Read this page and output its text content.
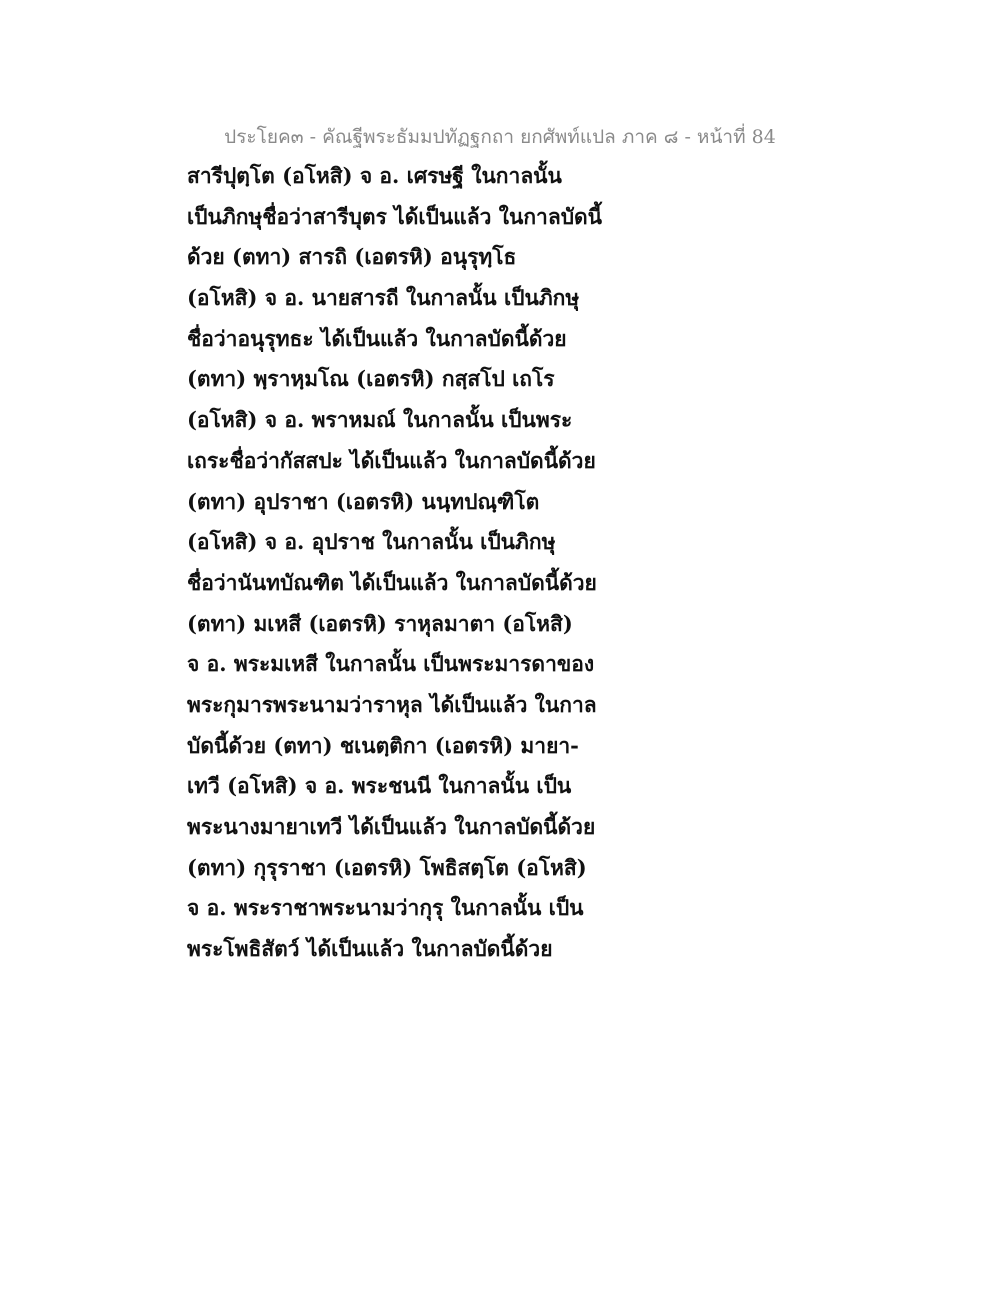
ประโยค๓ - คัณฐีพระธัมมปทัฏฐกถา ยกศัพท์แปล ภาค ๘ - หน้าที่ 84
สารีปุตฺโต (อโหสิ) จ อ. เศรษฐี ในกาลนั้น
เป็นภิกษุชื่อว่าสารีบุตร ได้เป็นแล้ว ในกาลบัดนี้
ด้วย (ตทา) สารถิ (เอตรหิ) อนุรุทฺโธ
(อโหสิ) จ อ. นายสารถี ในกาลนั้น เป็นภิกษุ
ชื่อว่าอนุรุทธะ ได้เป็นแล้ว ในกาลบัดนี้ด้วย
(ตทา) พฺราหฺมโณ (เอตรหิ) กสฺสโป เถโร
(อโหสิ) จ อ. พราหมณ์ ในกาลนั้น เป็นพระ
เถระชื่อว่ากัสสปะ ได้เป็นแล้ว ในกาลบัดนี้ด้วย
(ตทา) อุปราชา (เอตรหิ) นนฺทปณฺฑิโต
(อโหสิ) จ อ. อุปราช ในกาลนั้น เป็นภิกษุ
ชื่อว่านันทบัณฑิต ได้เป็นแล้ว ในกาลบัดนี้ด้วย
(ตทา) มเหสี (เอตรหิ) ราหุลมาตา (อโหสิ)
จ อ. พระมเหสี ในกาลนั้น เป็นพระมารดาของ
พระกุมารพระนามว่าราหุล ได้เป็นแล้ว ในกาล
บัดนี้ด้วย (ตทา) ชเนตฺติกา (เอตรหิ) มายา-
เทวี (อโหสิ) จ อ. พระชนนี ในกาลนั้น เป็น
พระนางมายาเทวี ได้เป็นแล้ว ในกาลบัดนี้ด้วย
(ตทา) กุรุราชา (เอตรหิ) โพธิสตฺโต (อโหสิ)
จ อ. พระราชาพระนามว่ากุรุ ในกาลนั้น เป็น
พระโพธิสัตว์ ได้เป็นแล้ว ในกาลบัดนี้ด้วย
